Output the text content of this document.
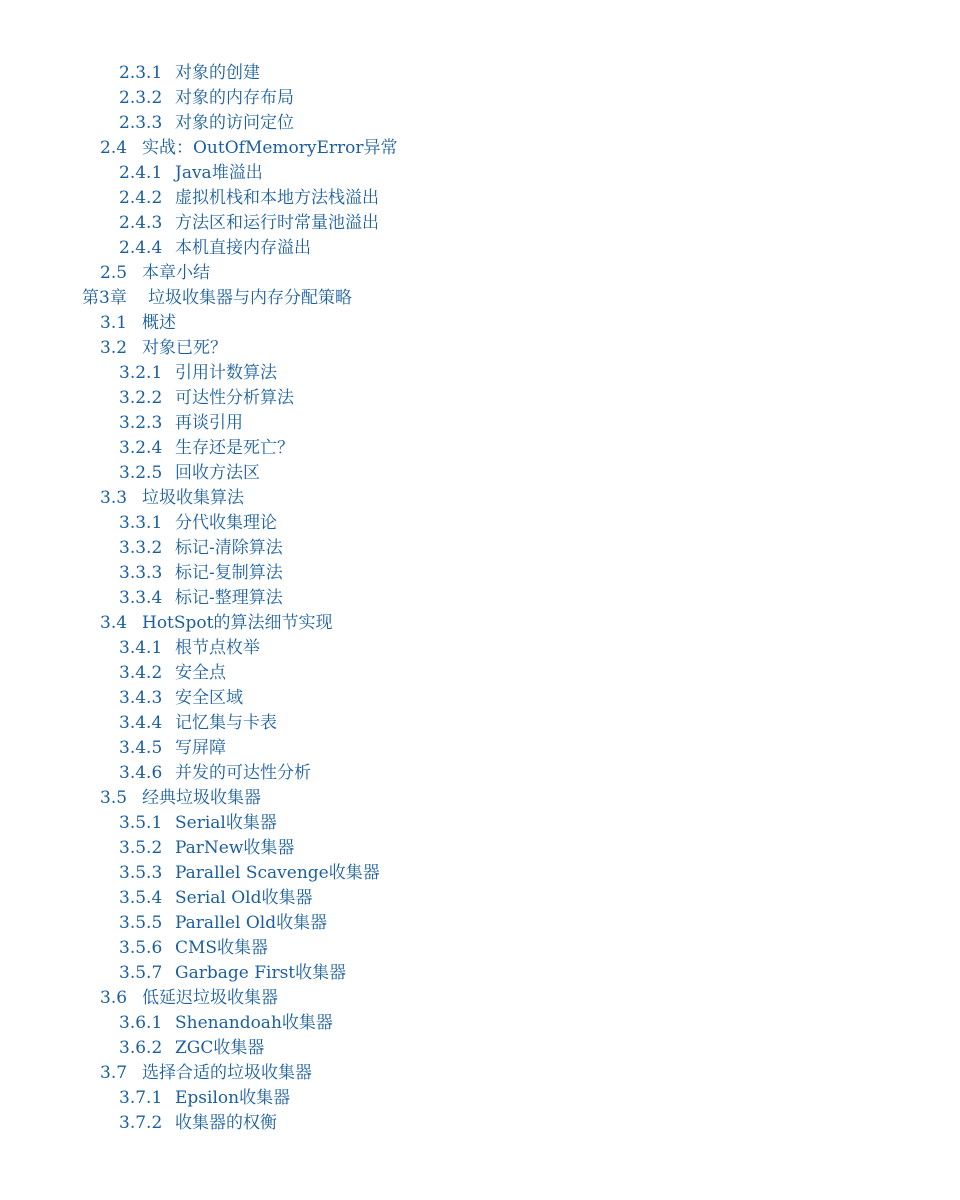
2.3.1 对象的创建
2.3.2 对象的内存布局
2.3.3 对象的访问定位
2.4 实战：OutOfMemoryError异常
2.4.1 Java堆溢出
2.4.2 虚拟机栈和本地方法栈溢出
2.4.3 方法区和运行时常量池溢出
2.4.4 本机直接内存溢出
2.5 本章小结
第3章 垃圾收集器与内存分配策略
3.1 概述
3.2 对象已死？
3.2.1 引用计数算法
3.2.2 可达性分析算法
3.2.3 再谈引用
3.2.4 生存还是死亡？
3.2.5 回收方法区
3.3 垃圾收集算法
3.3.1 分代收集理论
3.3.2 标记-清除算法
3.3.3 标记-复制算法
3.3.4 标记-整理算法
3.4 HotSpot的算法细节实现
3.4.1 根节点枚举
3.4.2 安全点
3.4.3 安全区域
3.4.4 记忆集与卡表
3.4.5 写屏障
3.4.6 并发的可达性分析
3.5 经典垃圾收集器
3.5.1 Serial收集器
3.5.2 ParNew收集器
3.5.3 Parallel Scavenge收集器
3.5.4 Serial Old收集器
3.5.5 Parallel Old收集器
3.5.6 CMS收集器
3.5.7 Garbage First收集器
3.6 低延迟垃圾收集器
3.6.1 Shenandoah收集器
3.6.2 ZGC收集器
3.7 选择合适的垃圾收集器
3.7.1 Epsilon收集器
3.7.2 收集器的权衡
